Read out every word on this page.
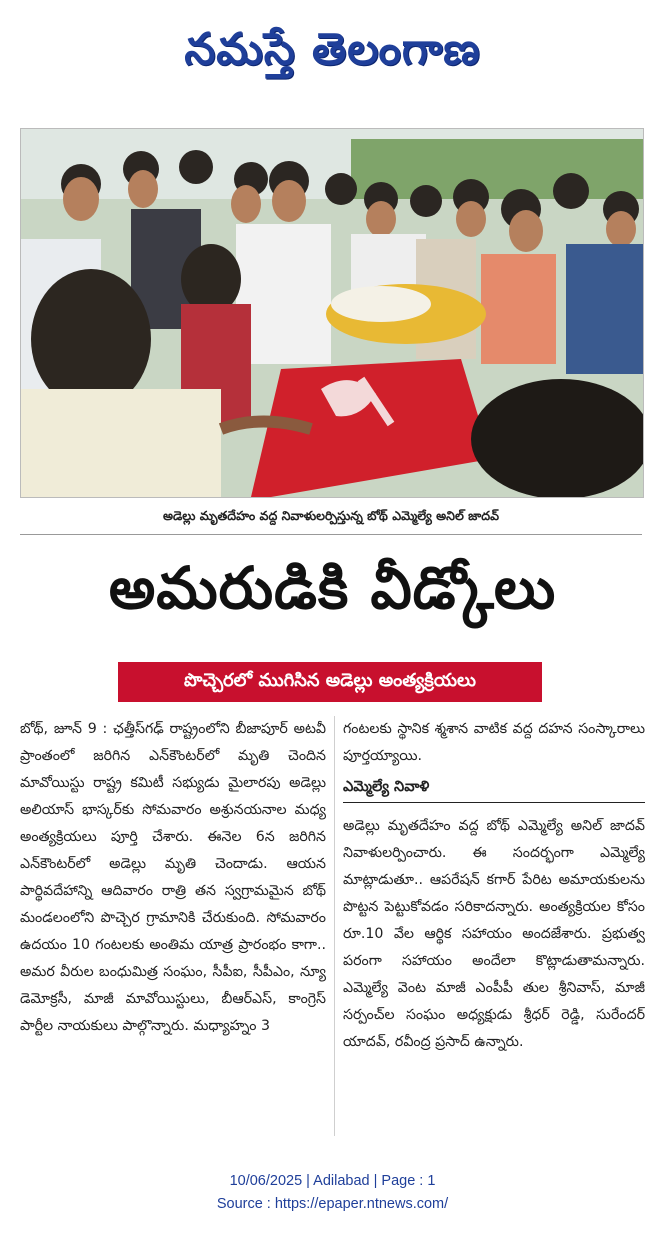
నమస్తే తెలంగాణ
అడెల్లు మృతదేహం వద్ద నివాళులర్పిస్తున్న బోథ్ ఎమ్మెల్యే అనిల్ జాదవ్
అమరుడికి వీడ్కోలు
పొచ్చెరలో ముగిసిన అడెల్లు అంత్యక్రియలు

బోథ్, జూన్ 9 : ఛత్తీస్‌గఢ్ రాష్ట్రంలోని బీజాపూర్ అటవీ ప్రాంతంలో జరిగిన ఎన్‌కౌంటర్‌లో మృతి చెందిన మావోయిస్టు రాష్ట్ర కమిటీ సభ్యుడు మైలారపు అడెల్లు అలియాస్ భాస్కర్‌కు సోమవారం అశ్రునయనాల మధ్య అంత్యక్రియలు పూర్తి చేశారు. ఈనెల 6న జరిగిన ఎన్‌కౌంటర్‌లో అడెల్లు మృతి చెందాడు. ఆయన పార్థివదేహాన్ని ఆదివారం రాత్రి తన స్వగ్రామమైన బోథ్ మండలంలోని పొచ్చెర గ్రామానికి చేరుకుంది. సోమవారం ఉదయం 10 గంటలకు అంతిమ యాత్ర ప్రారంభం కాగా.. అమర వీరుల బంధుమిత్ర సంఘం, సీపీఐ, సీపీఎం, న్యూ డెమోక్రసీ, మాజీ మావోయిస్టులు, బీఆర్ఎస్, కాంగ్రెస్ పార్టీల నాయకులు పాల్గొన్నారు. మధ్యాహ్నం 3

గంటలకు స్థానిక శ్మశాన వాటిక వద్ద దహన సంస్కారాలు పూర్తయ్యాయి.

ఎమ్మెల్యే నివాళి

అడెల్లు మృతదేహం వద్ద బోథ్ ఎమ్మెల్యే అనిల్ జాదవ్ నివాళులర్పించారు. ఈ సందర్భంగా ఎమ్మెల్యే మాట్లాడుతూ.. ఆపరేషన్ కగార్ పేరిట అమాయకులను పొట్టన పెట్టుకోవడం సరికాదన్నారు. అంత్యక్రియల కోసం రూ.10 వేల ఆర్థిక సహాయం అందజేశారు. ప్రభుత్వ పరంగా సహాయం అందేలా కొట్లాడుతామన్నారు. ఎమ్మెల్యే వెంట మాజీ ఎంపీపీ తుల శ్రీనివాస్, మాజీ సర్పంచ్‌ల సంఘం అధ్యక్షుడు శ్రీధర్ రెడ్డి, సురేందర్ యాదవ్, రవీంద్ర ప్రసాద్ ఉన్నారు.

10/06/2025 | Adilabad | Page : 1
Source : https://epaper.ntnews.com/
